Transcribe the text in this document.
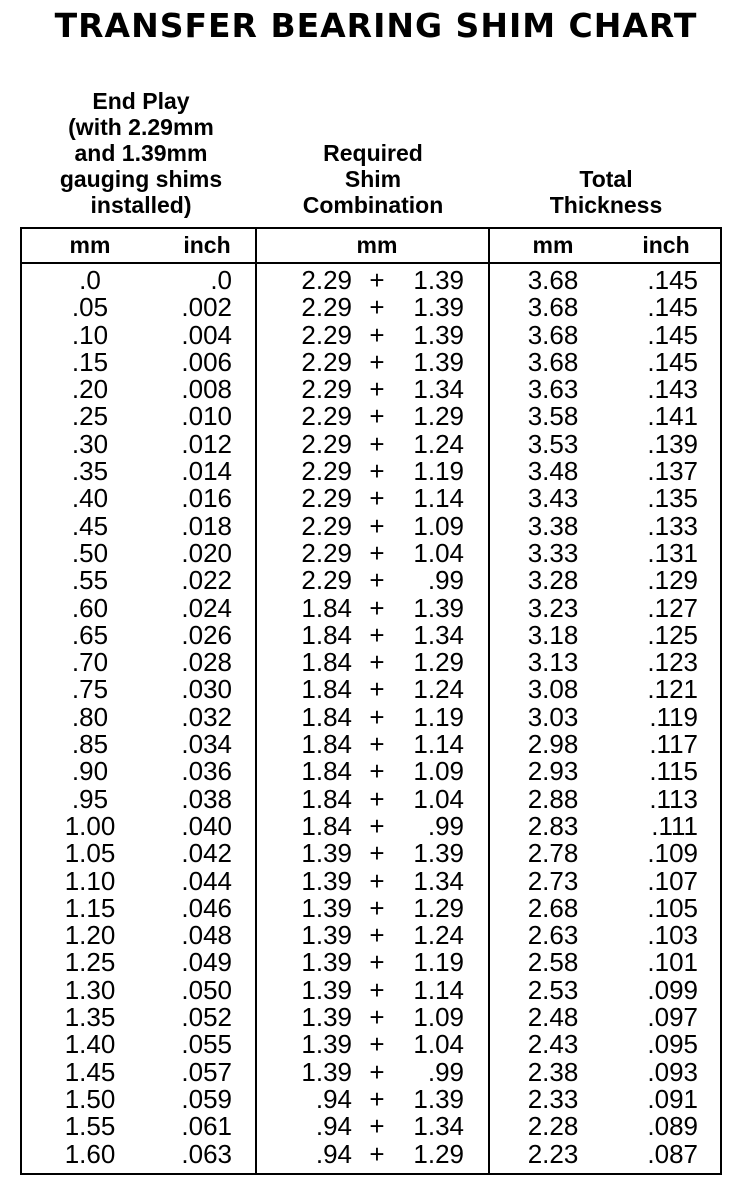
TRANSFER BEARING SHIM CHART
End Play
(with 2.29mm
and 1.39mm
gauging shims
installed)
Required
Shim
Combination
Total
Thickness
mm	inch	mm	mm	inch
.0	.0	2.29 +	1.39	3.68	.145
.05	.002	2.29 +	1.39	3.68	.145
.10	.004	2.29 +	1.39	3.68	.145
.15	.006	2.29 +	1.39	3.68	.145
.20	.008	2.29 +	1.34	3.63	.143
.25	.010	2.29 +	1.29	3.58	.141
.30	.012	2.29 +	1.24	3.53	.139
.35	.014	2.29 +	1.19	3.48	.137
.40	.016	2.29 +	1.14	3.43	.135
.45	.018	2.29 +	1.09	3.38	.133
.50	.020	2.29 +	1.04	3.33	.131
.55	.022	2.29 +	.99	3.28	.129
.60	.024	1.84 +	1.39	3.23	.127
.65	.026	1.84 +	1.34	3.18	.125
.70	.028	1.84 +	1.29	3.13	.123
.75	.030	1.84 +	1.24	3.08	.121
.80	.032	1.84 +	1.19	3.03	.119
.85	.034	1.84 +	1.14	2.98	.117
.90	.036	1.84 +	1.09	2.93	.115
.95	.038	1.84 +	1.04	2.88	.113
1.00	.040	1.84 +	.99	2.83	.111
1.05	.042	1.39 +	1.39	2.78	.109
1.10	.044	1.39 +	1.34	2.73	.107
1.15	.046	1.39 +	1.29	2.68	.105
1.20	.048	1.39 +	1.24	2.63	.103
1.25	.049	1.39 +	1.19	2.58	.101
1.30	.050	1.39 +	1.14	2.53	.099
1.35	.052	1.39 +	1.09	2.48	.097
1.40	.055	1.39 +	1.04	2.43	.095
1.45	.057	1.39 +	.99	2.38	.093
1.50	.059	.94 +	1.39	2.33	.091
1.55	.061	.94 +	1.34	2.28	.089
1.60	.063	.94 +	1.29	2.23	.087
